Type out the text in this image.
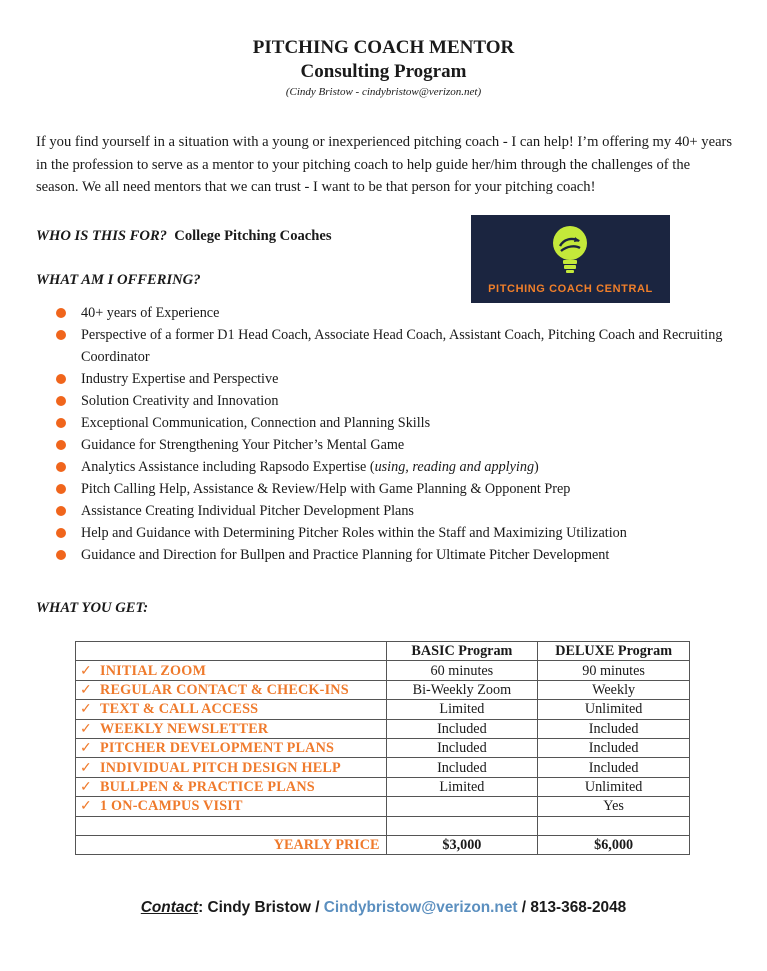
PITCHING COACH MENTOR
Consulting Program
(Cindy Bristow - cindybristow@verizon.net)

If you find yourself in a situation with a young or inexperienced pitching coach - I can help! I’m offering my 40+ years in the profession to serve as a mentor to your pitching coach to help guide her/him through the challenges of the season. We all need mentors that we can trust - I want to be that person for your pitching coach!

WHO IS THIS FOR? College Pitching Coaches
PITCHING COACH CENTRAL
WHAT AM I OFFERING?
40+ years of Experience
Perspective of a former D1 Head Coach, Associate Head Coach, Assistant Coach, Pitching Coach and Recruiting Coordinator
Industry Expertise and Perspective
Solution Creativity and Innovation
Exceptional Communication, Connection and Planning Skills
Guidance for Strengthening Your Pitcher’s Mental Game
Analytics Assistance including Rapsodo Expertise (using, reading and applying)
Pitch Calling Help, Assistance & Review/Help with Game Planning & Opponent Prep
Assistance Creating Individual Pitcher Development Plans
Help and Guidance with Determining Pitcher Roles within the Staff and Maximizing Utilization
Guidance and Direction for Bullpen and Practice Planning for Ultimate Pitcher Development
WHAT YOU GET:
	BASIC Program	DELUXE Program
✓ INITIAL ZOOM	60 minutes	90 minutes
✓ REGULAR CONTACT & CHECK-INS	Bi-Weekly Zoom	Weekly
✓ TEXT & CALL ACCESS	Limited	Unlimited
✓ WEEKLY NEWSLETTER	Included	Included
✓ PITCHER DEVELOPMENT PLANS	Included	Included
✓ INDIVIDUAL PITCH DESIGN HELP	Included	Included
✓ BULLPEN & PRACTICE PLANS	Limited	Unlimited
✓ 1 ON-CAMPUS VISIT		Yes

YEARLY PRICE	$3,000	$6,000
Contact: Cindy Bristow / Cindybristow@verizon.net / 813-368-2048
